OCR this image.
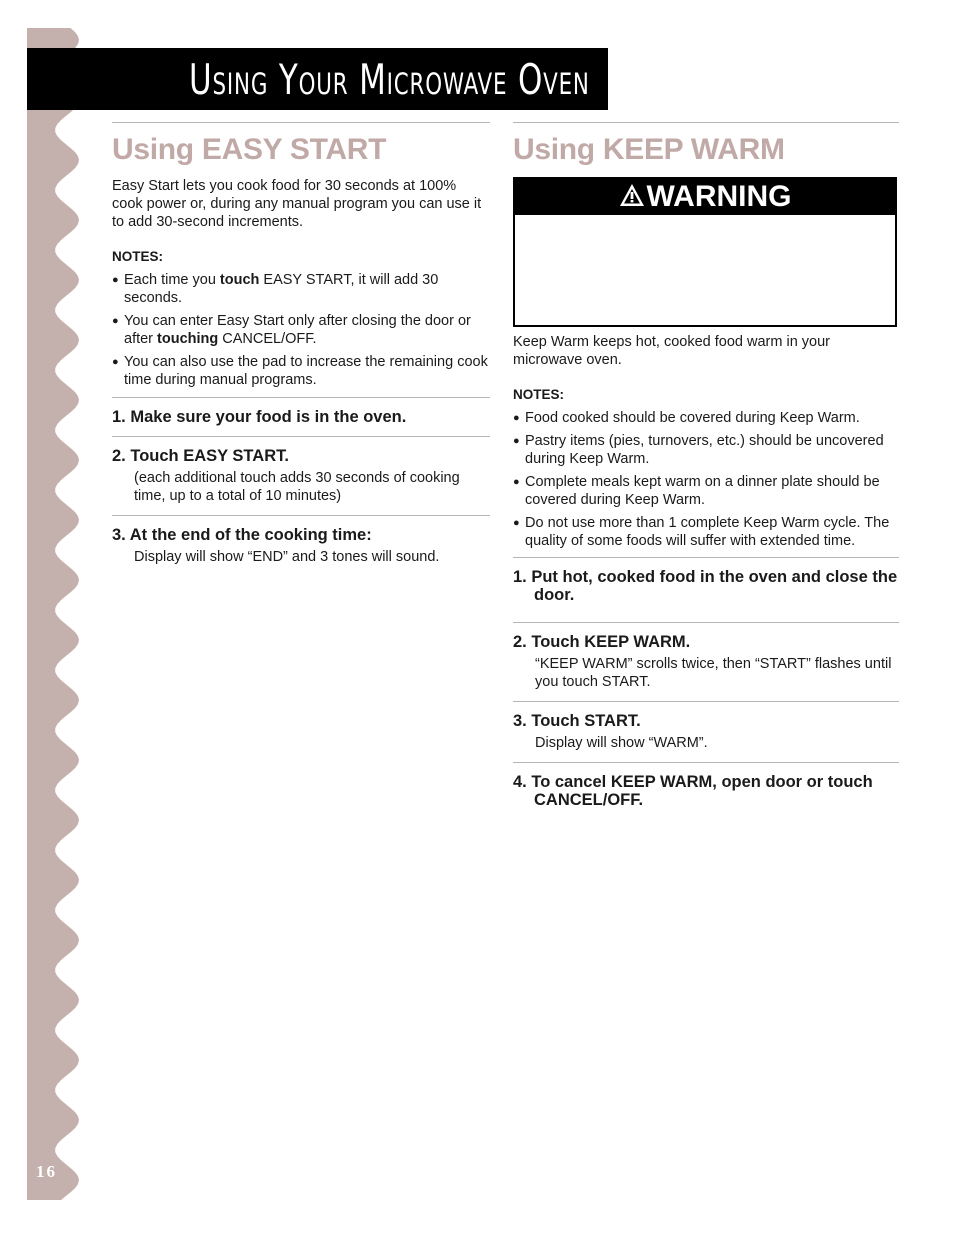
16
Using Your Microwave Oven
Using EASY START

Easy Start lets you cook food for 30 seconds at 100% cook power or, during any manual program you can use it to add 30-second increments.

NOTES:
● Each time you touch EASY START, it will add 30 seconds.
● You can enter Easy Start only after closing the door or after touching CANCEL/OFF.
● You can also use the pad to increase the remaining cook time during manual programs.
1. Make sure your food is in the oven.
2. Touch EASY START.

(each additional touch adds 30 seconds of cooking time, up to a total of 10 minutes)

3. At the end of the cooking time:

Display will show “END” and 3 tones will sound.

Using KEEP WARM
WARNING

Keep Warm keeps hot, cooked food warm in your microwave oven.

NOTES:
● Food cooked should be covered during Keep Warm.
● Pastry items (pies, turnovers, etc.) should be uncovered during Keep Warm.
● Complete meals kept warm on a dinner plate should be covered during Keep Warm.
● Do not use more than 1 complete Keep Warm cycle. The quality of some foods will suffer with extended time.
1. Put hot, cooked food in the oven and close the door.
2. Touch KEEP WARM.

“KEEP WARM” scrolls twice, then “START” flashes until you touch START.

3. Touch START.

Display will show “WARM”.

4. To cancel KEEP WARM, open door or touch CANCEL/OFF.
